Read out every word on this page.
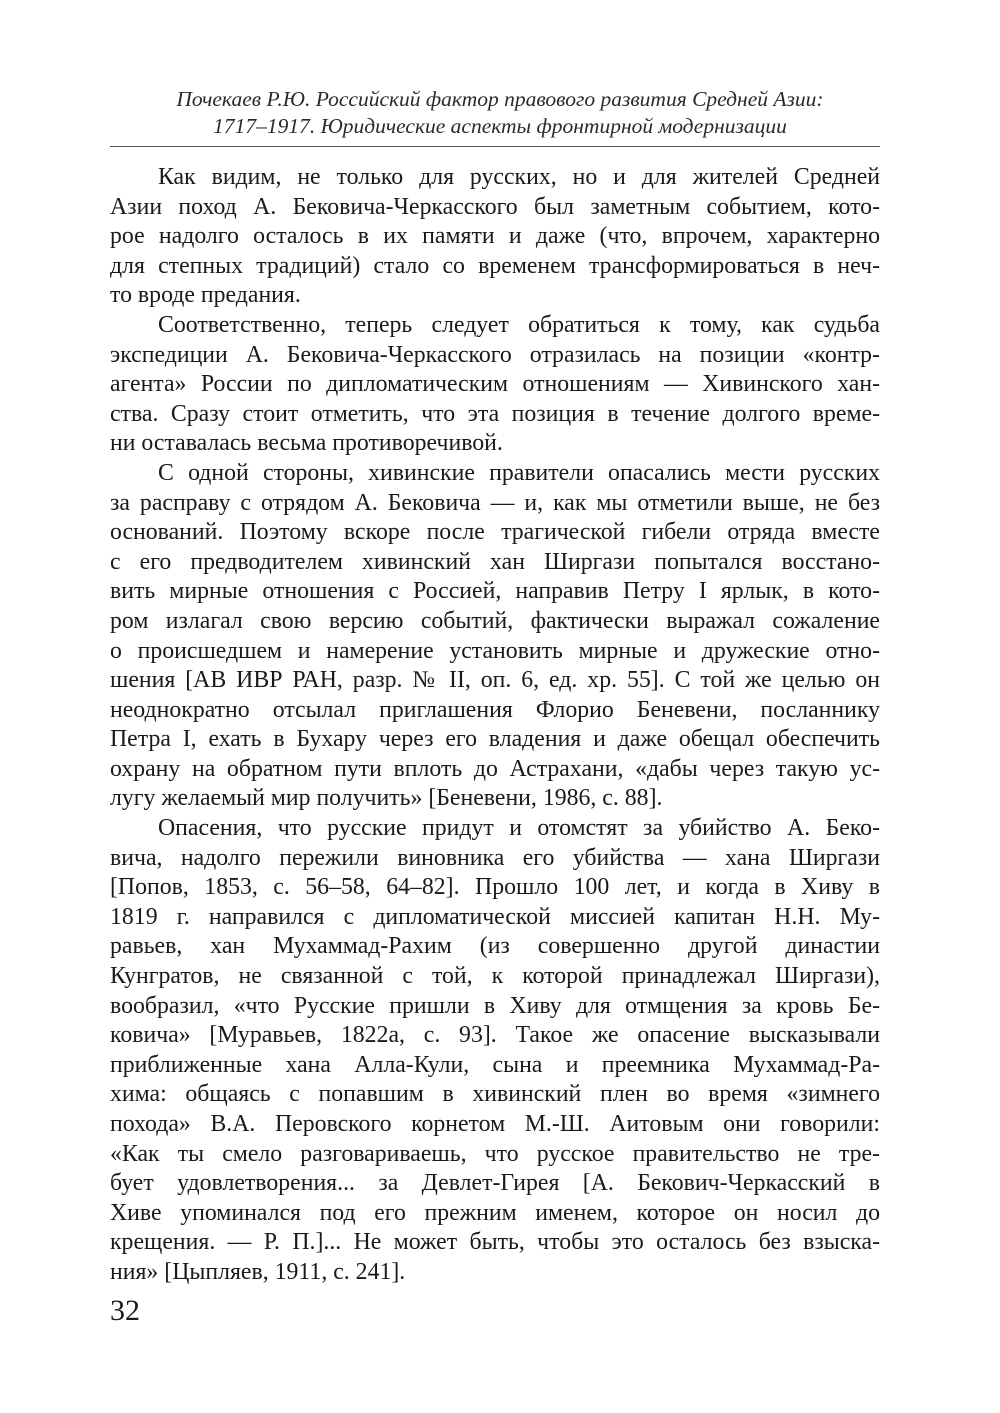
Почекаев Р.Ю. Российский фактор правового развития Средней Азии:
1717–1917. Юридические аспекты фронтирной модернизации
Как видим, не только для русских, но и для жителей Средней
Азии поход А. Бековича-Черкасского был заметным событием, кото-
рое надолго осталось в их памяти и даже (что, впрочем, характерно
для степных традиций) стало со временем трансформироваться в неч-
то вроде предания.
Соответственно, теперь следует обратиться к тому, как судьба
экспедиции А. Бековича-Черкасского отразилась на позиции «контр-
агента» России по дипломатическим отношениям — Хивинского хан-
ства. Сразу стоит отметить, что эта позиция в течение долгого време-
ни оставалась весьма противоречивой.
С одной стороны, хивинские правители опасались мести русских
за расправу с отрядом А. Бековича — и, как мы отметили выше, не без
оснований. Поэтому вскоре после трагической гибели отряда вместе
с его предводителем хивинский хан Ширгази попытался восстано-
вить мирные отношения с Россией, направив Петру I ярлык, в кото-
ром излагал свою версию событий, фактически выражал сожаление
о происшедшем и намерение установить мирные и дружеские отно-
шения [АВ ИВР РАН, разр. № II, оп. 6, ед. хр. 55]. С той же целью он
неоднократно отсылал приглашения Флорио Беневени, посланнику
Петра I, ехать в Бухару через его владения и даже обещал обеспечить
охрану на обратном пути вплоть до Астрахани, «дабы через такую ус-
лугу желаемый мир получить» [Беневени, 1986, с. 88].
Опасения, что русские придут и отомстят за убийство А. Беко-
вича, надолго пережили виновника его убийства — хана Ширгази
[Попов, 1853, с. 56–58, 64–82]. Прошло 100 лет, и когда в Хиву в
1819 г. направился с дипломатической миссией капитан Н.Н. Му-
равьев, хан Мухаммад-Рахим (из совершенно другой династии
Кунгратов, не связанной с той, к которой принадлежал Ширгази),
вообразил, «что Русские пришли в Хиву для отмщения за кровь Бе-
ковича» [Муравьев, 1822а, с. 93]. Такое же опасение высказывали
приближенные хана Алла-Кули, сына и преемника Мухаммад-Ра-
хима: общаясь с попавшим в хивинский плен во время «зимнего
похода» В.А. Перовского корнетом М.-Ш. Аитовым они говорили:
«Как ты смело разговариваешь, что русское правительство не тре-
бует удовлетворения... за Девлет-Гирея [А. Бекович-Черкасский в
Хиве упоминался под его прежним именем, которое он носил до
крещения. — Р. П.]... Не может быть, чтобы это осталось без взыска-
ния» [Цыпляев, 1911, с. 241].
32
